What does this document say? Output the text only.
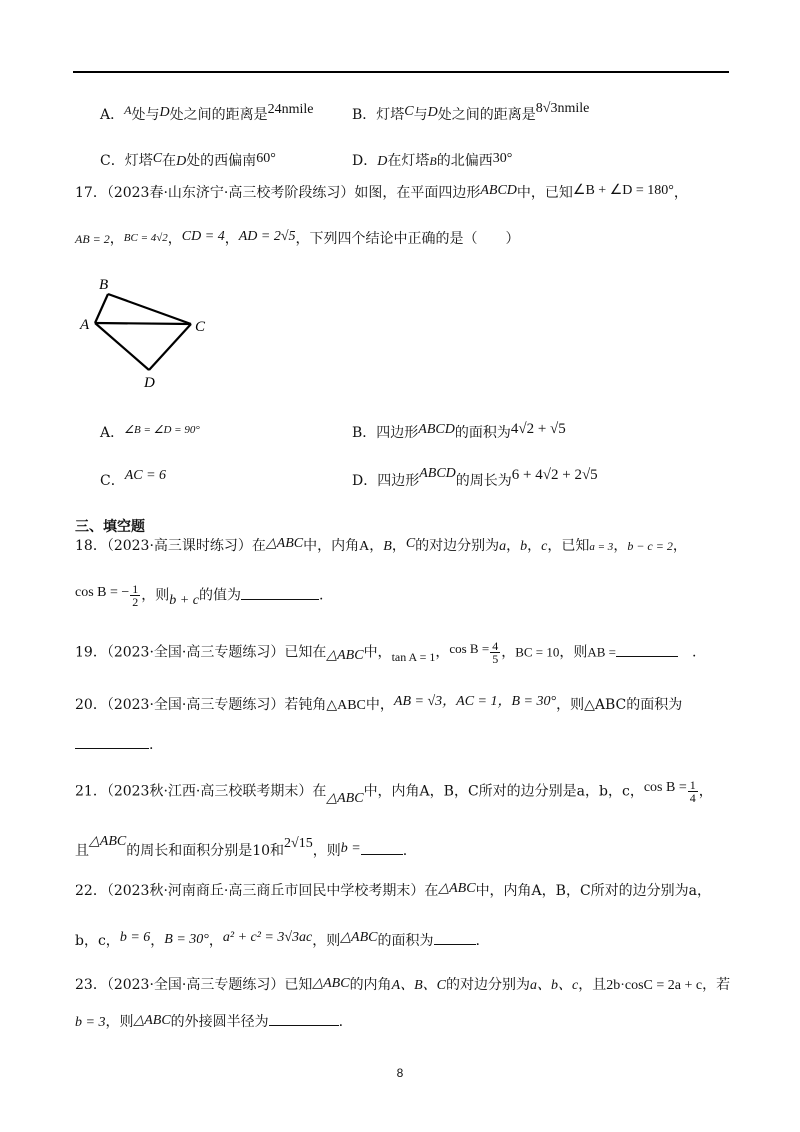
A．A处与D处之间的距离是24nmile	B．灯塔C与D处之间的距离是8√3nmile
C．灯塔C在D处的西偏南60°	D．D在灯塔B的北偏西30°
17．（2023春·山东济宁·高三校考阶段练习）如图，在平面四边形ABCD中，已知∠B + ∠D = 180°，
AB = 2，BC = 4√2，CD = 4，AD = 2√5，下列四个结论中正确的是（　　）
B
A	C
D
A．$^{\angle B = \angle D = 90^\circ}$	B．四边形ABCD的面积为4√2 + √5
C．AC = 6	D．四边形ABCD的周长为6 + 4√2 + 2√5
三、填空题
18．（2023·高三课时练习）在△ABC中，内角A，B，C的对边分别为a，b，c，已知a = 3，b − c = 2，
cos B = − $\frac{1}{2}$ ，则b + c的值为	.
19．（2023·全国·高三专题练习）已知在△ABC中，tan A = 1，$\cos B = \frac{4}{5}$ ，BC = 10，则AB =	　.
20．（2023·全国·高三专题练习）若钝角△ABC中，AB = √3，AC = 1，B = 30°，则△ABC的面积为
.
21．（2023秋·江西·高三校联考期末）在△ABC中，内角A，B，C所对的边分别是a，b，c，$\cos B = \frac{1}{4}$ ，
且△ABC的周长和面积分别是10和2√15，则b =	.
22．（2023秋·河南商丘·高三商丘市回民中学校考期末）在△ABC中，内角A，B，C所对的边分别为a，
b，c，b = 6，B = 30°，a² + c² = 3√3ac，则△ABC的面积为	.
23．（2023·全国·高三专题练习）已知△ABC的内角A、B、C的对边分别为a、b、c，且2b·cosC = 2a + c，若
b = 3，则△ABC的外接圆半径为	.
8
